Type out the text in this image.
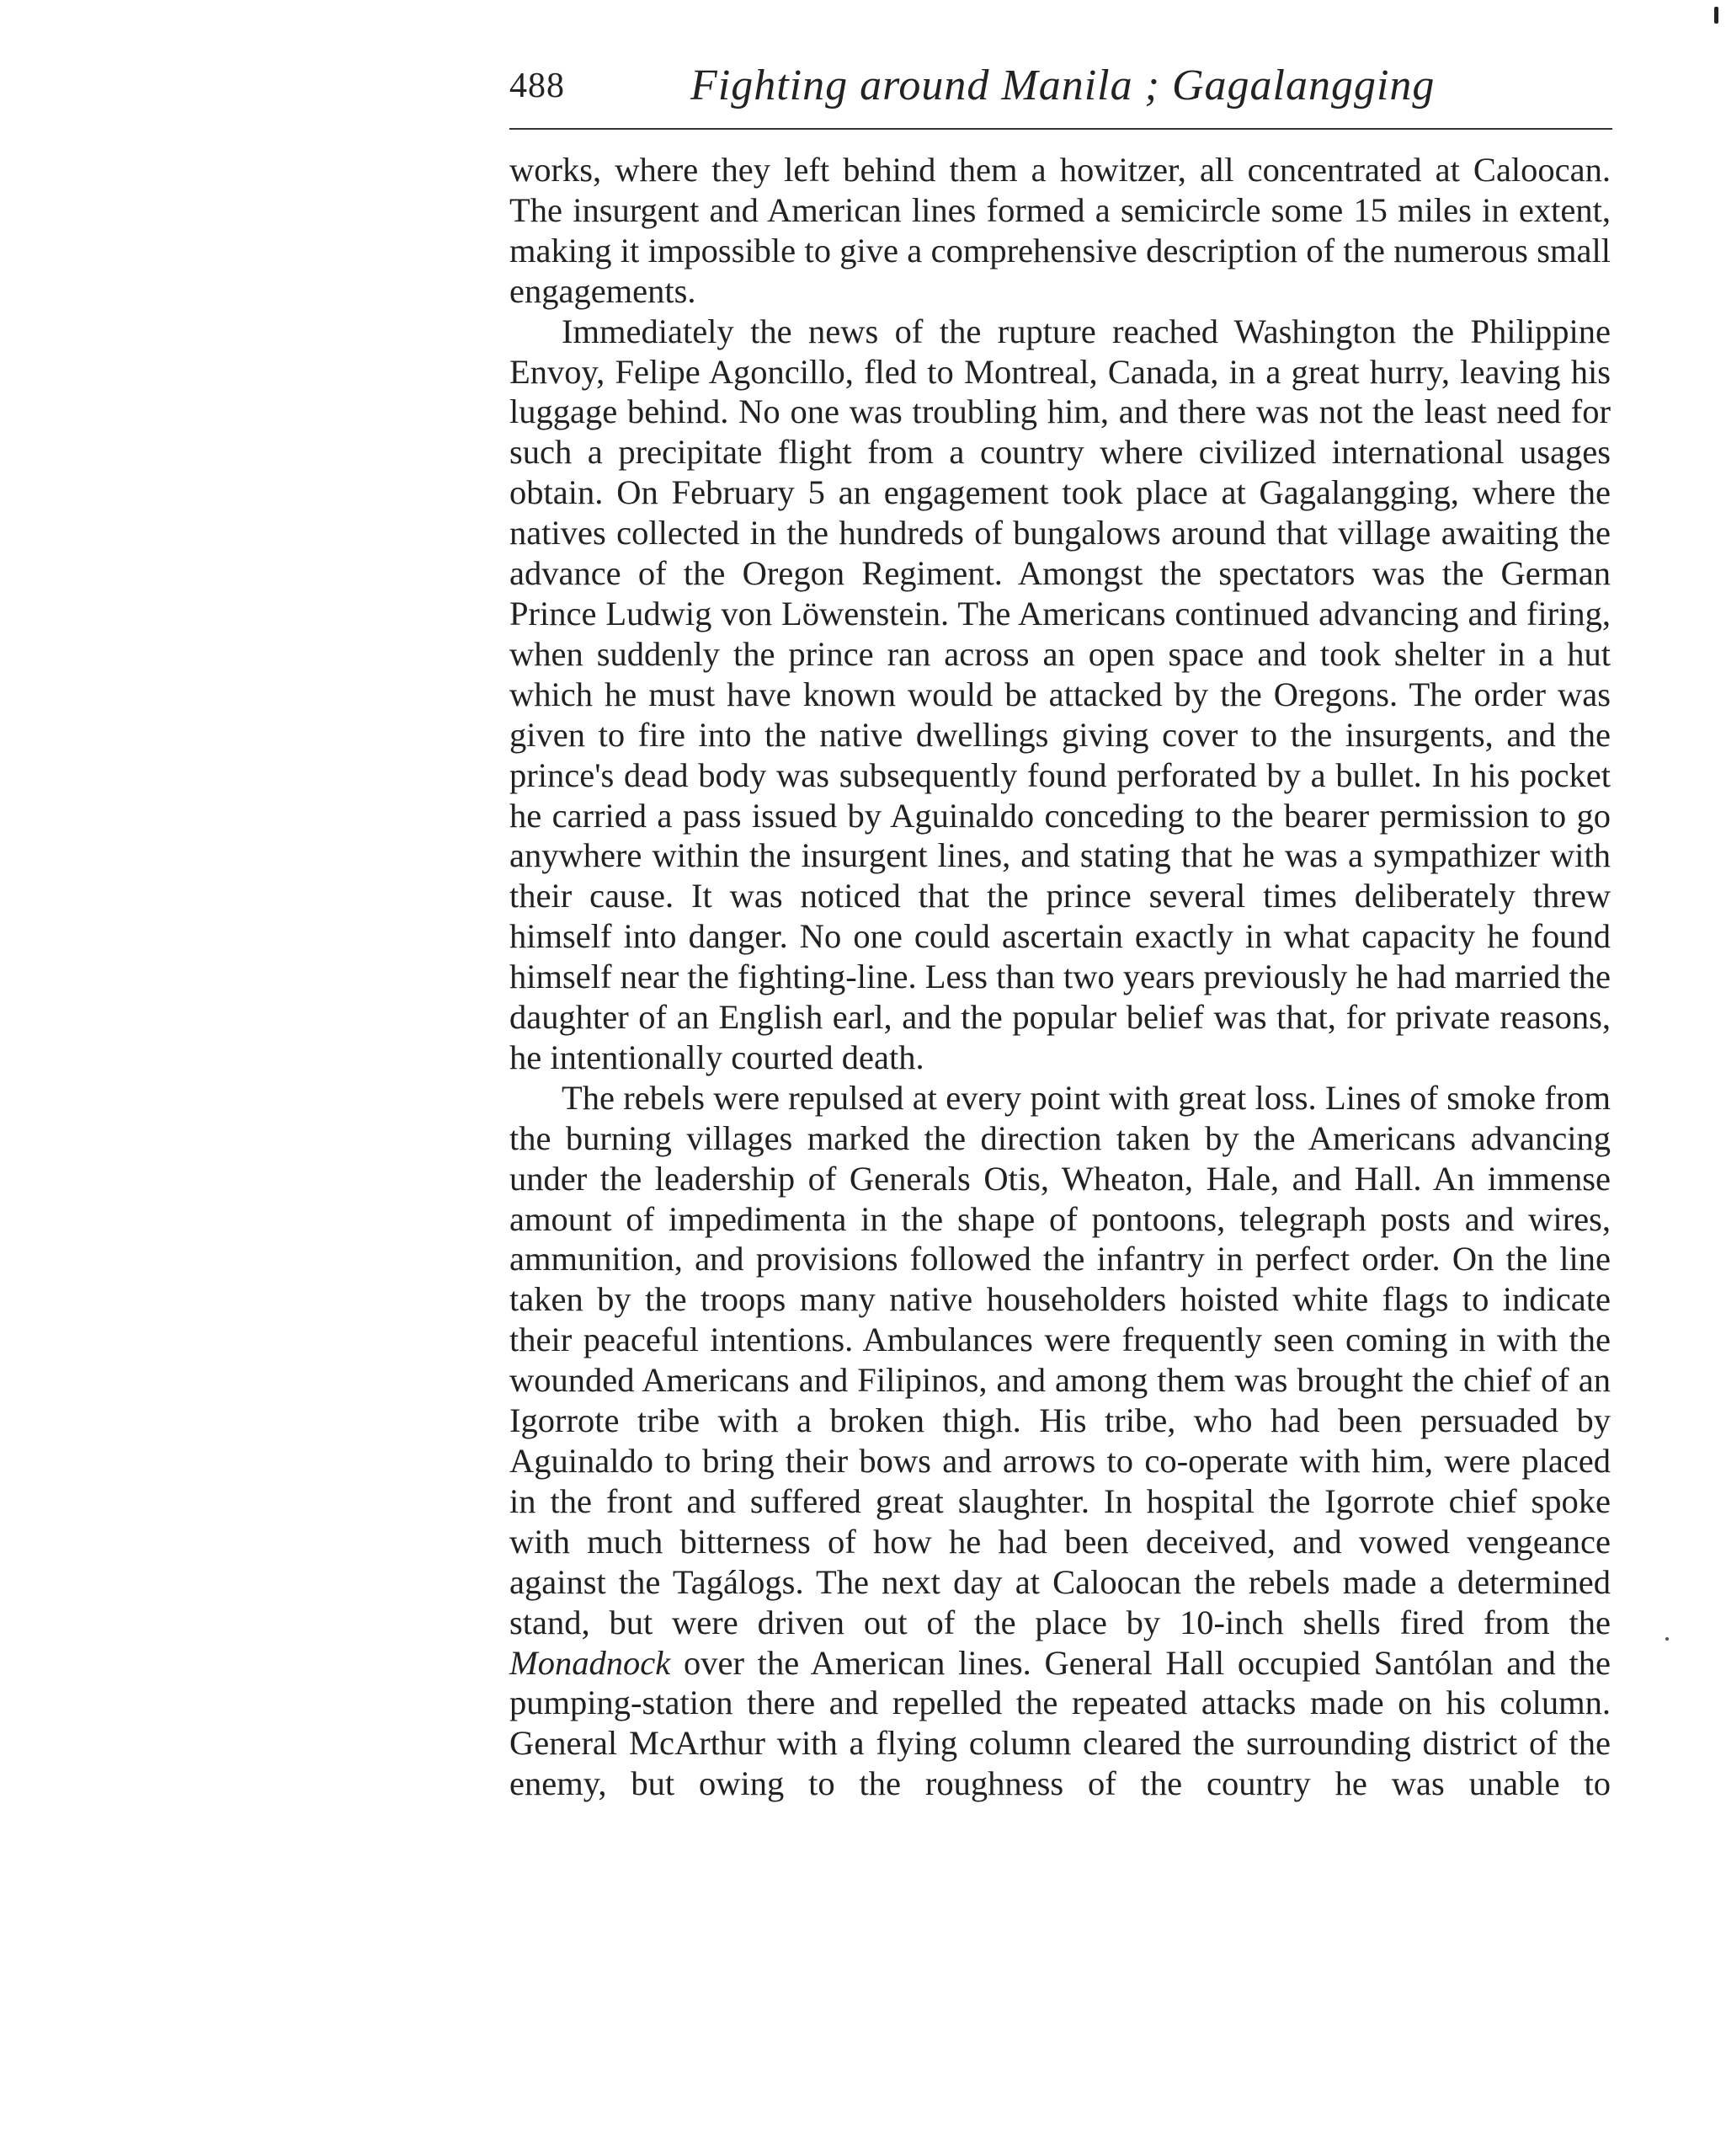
488	Fighting around Manila ; Gagalangging

works, where they left behind them a howitzer, all concentrated at Caloocan. The insurgent and American lines formed a semicircle some 15 miles in extent, making it impossible to give a comprehensive description of the numerous small engagements.

Immediately the news of the rupture reached Washington the Philippine Envoy, Felipe Agoncillo, fled to Montreal, Canada, in a great hurry, leaving his luggage behind. No one was troubling him, and there was not the least need for such a precipitate flight from a country where civilized international usages obtain. On February 5 an engagement took place at Gagalangging, where the natives collected in the hundreds of bungalows around that village awaiting the advance of the Oregon Regiment. Amongst the spectators was the German Prince Ludwig von Löwenstein. The Americans continued advancing and firing, when suddenly the prince ran across an open space and took shelter in a hut which he must have known would be attacked by the Oregons. The order was given to fire into the native dwellings giving cover to the insurgents, and the prince's dead body was subsequently found perforated by a bullet. In his pocket he carried a pass issued by Aguinaldo conceding to the bearer permission to go anywhere within the insurgent lines, and stating that he was a sympathizer with their cause. It was noticed that the prince several times deliberately threw himself into danger. No one could ascertain exactly in what capacity he found himself near the fighting-line. Less than two years previously he had married the daughter of an English earl, and the popular belief was that, for private reasons, he intentionally courted death.

The rebels were repulsed at every point with great loss. Lines of smoke from the burning villages marked the direction taken by the Americans advancing under the leadership of Generals Otis, Wheaton, Hale, and Hall. An immense amount of impedimenta in the shape of pontoons, telegraph posts and wires, ammunition, and provisions followed the infantry in perfect order. On the line taken by the troops many native householders hoisted white flags to indicate their peaceful intentions. Ambulances were frequently seen coming in with the wounded Americans and Filipinos, and among them was brought the chief of an Igorrote tribe with a broken thigh. His tribe, who had been persuaded by Aguinaldo to bring their bows and arrows to co-operate with him, were placed in the front and suffered great slaughter. In hospital the Igorrote chief spoke with much bitterness of how he had been deceived, and vowed vengeance against the Tagálogs. The next day at Caloocan the rebels made a determined stand, but were driven out of the place by 10-inch shells fired from the Monadnock over the American lines. General Hall occupied Santólan and the pumping-station there and repelled the repeated attacks made on his column. General McArthur with a flying column cleared the surrounding district of the enemy, but owing to the roughness of the country he was unable to
